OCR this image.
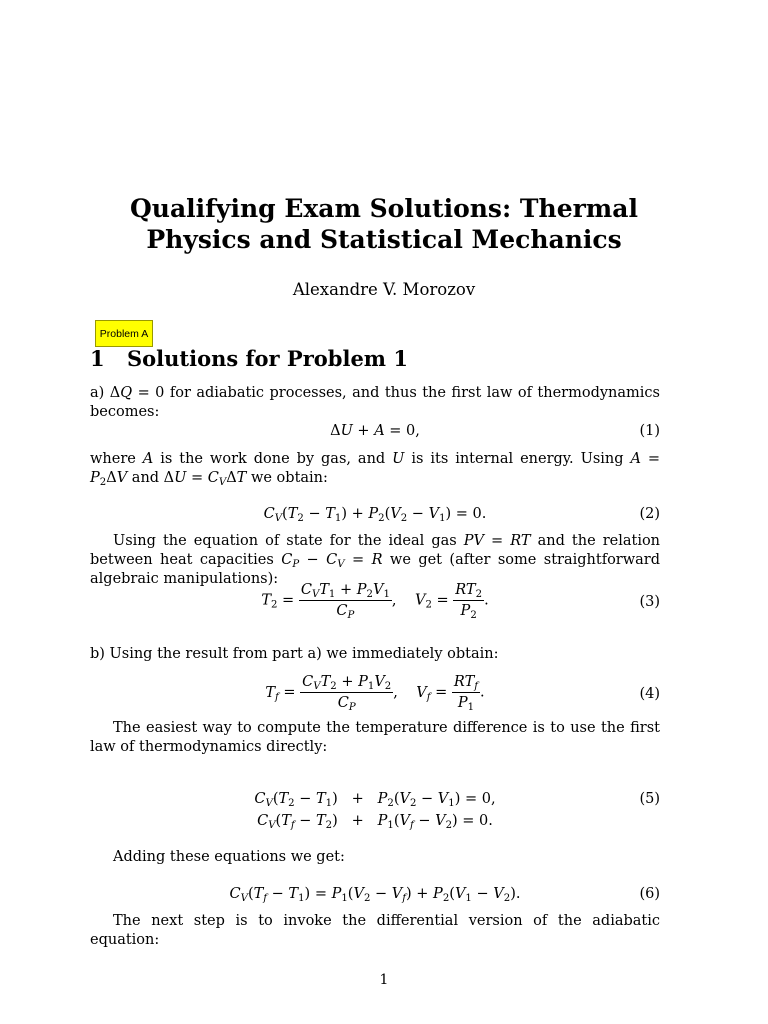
Qualifying Exam Solutions: Thermal
Physics and Statistical Mechanics
Alexandre V. Morozov
Problem A
1 Solutions for Problem 1
a) ΔQ = 0 for adiabatic processes, and thus the first law of thermodynamics becomes:
ΔU + A = 0,	(1)
where A is the work done by gas, and U is its internal energy. Using $A = P_2\Delta V$ and $\Delta U = C_V\Delta T$ we obtain:
$C_V(T_2 - T_1) + P_2(V_2 - V_1) = 0$.	(2)
Using the equation of state for the ideal gas PV = RT and the relation between heat capacities $C_P - C_V = R$ we get (after some straightforward algebraic manipulations):
$T_2 = \frac{C_VT_1 + P_2V_1}{C_P}$ ,    $V_2 = \frac{RT_2}{P_2}$ .	(3)
b) Using the result from part a) we immediately obtain:
$T_f = \frac{C_VT_2 + P_1V_2}{C_P}$ ,    $V_f = \frac{RT_f}{P_1}$ .	(4)
The easiest way to compute the temperature difference is to use the first law of thermodynamics directly:
$C_V(T_2 - T_1) + P_2(V_2 - V_1) = 0$,
$C_V(T_f - T_2) + P_1(V_f - V_2) = 0$.
(5)
Adding these equations we get:
$C_V(T_f - T_1) = P_1(V_2 - V_f) + P_2(V_1 - V_2)$.	(6)
The next step is to invoke the differential version of the adiabatic equation:
1
